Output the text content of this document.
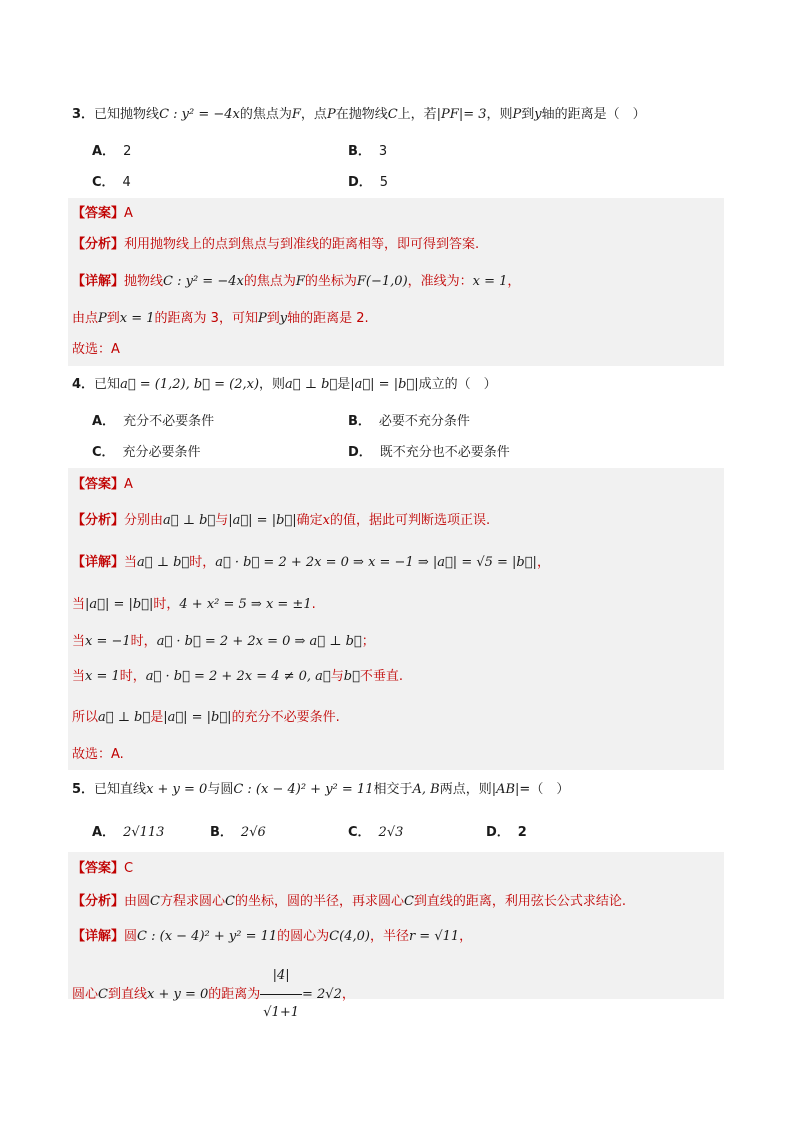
3．已知抛物线C : y² = −4x的焦点为F，点P在抛物线C上，若|PF|= 3，则P到y轴的距离是（　）
A． 2	B． 3
C． 4	D． 5
【答案】A
【分析】利用抛物线上的点到焦点与到准线的距离相等，即可得到答案.
【详解】抛物线C : y² = −4x的焦点为F的坐标为F(−1,0)，准线为：x = 1，
由点P到x = 1的距离为 3，可知P到y轴的距离是 2.
故选：A
4．已知a⃗ = (1,2), b⃗ = (2,x)，则a⃗ ⊥ b⃗是|a⃗| = |b⃗|成立的（　）
A． 充分不必要条件	B． 必要不充分条件
C． 充分必要条件	D． 既不充分也不必要条件
【答案】A
【分析】分别由a⃗ ⊥ b⃗与|a⃗| = |b⃗|确定x的值，据此可判断选项正误.
【详解】当a⃗ ⊥ b⃗时，a⃗ · b⃗ = 2 + 2x = 0 ⇒ x = −1 ⇒ |a⃗| = √5 = |b⃗|，
当|a⃗| = |b⃗|时，4 + x² = 5 ⇒ x = ±1.
当x = −1时，a⃗ · b⃗ = 2 + 2x = 0 ⇒ a⃗ ⊥ b⃗；
当x = 1时，a⃗ · b⃗ = 2 + 2x = 4 ≠ 0, a⃗与b⃗不垂直.
所以a⃗ ⊥ b⃗是|a⃗| = |b⃗|的充分不必要条件.
故选：A.
5．已知直线x + y = 0与圆C : (x − 4)² + y² = 11相交于A, B两点，则|AB|=（　）
A． 2√113	B． 2√6	C． 2√3	D． 2
【答案】C
【分析】由圆C方程求圆心C的坐标，圆的半径，再求圆心C到直线的距离，利用弦长公式求结论.
【详解】圆C : (x − 4)² + y² = 11的圆心为C(4,0)，半径r = √11，
圆心C到直线x + y = 0的距离为 $\frac{|4|}{√1+1} = 2√2$，
